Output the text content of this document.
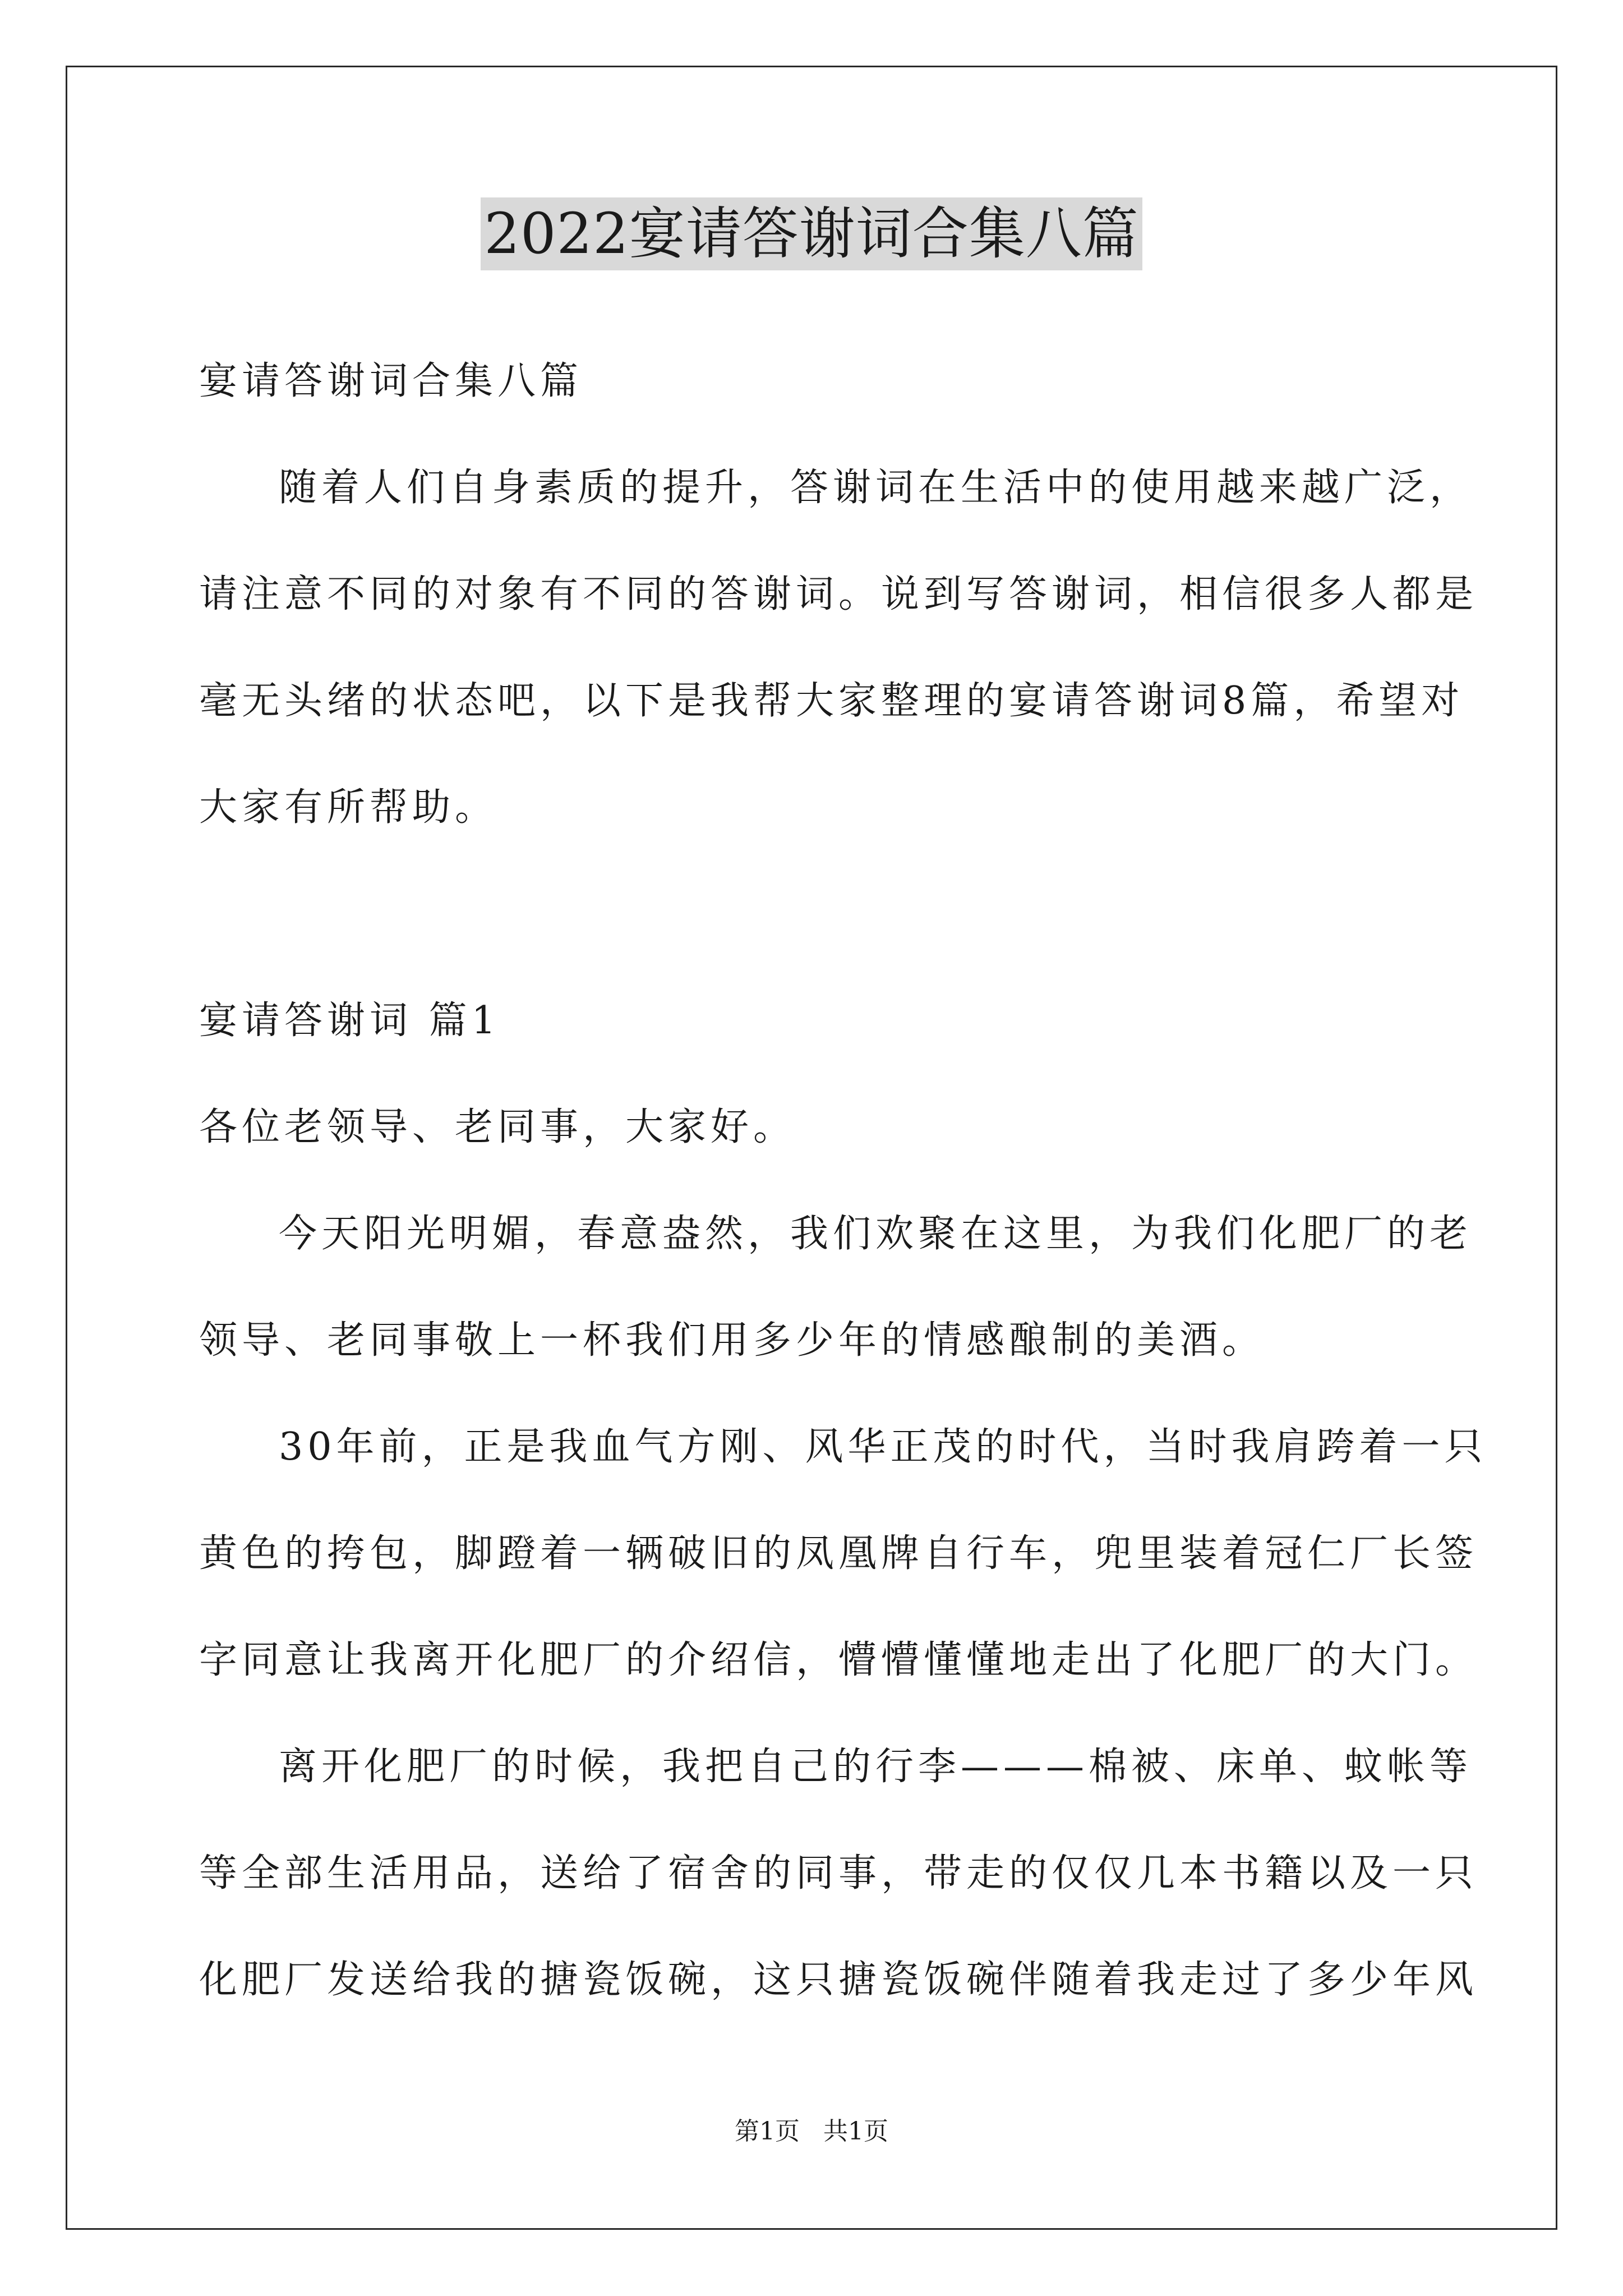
2022宴请答谢词合集八篇
宴请答谢词合集八篇
随着人们自身素质的提升，答谢词在生活中的使用越来越广泛，
请注意不同的对象有不同的答谢词。说到写答谢词，相信很多人都是
毫无头绪的状态吧，以下是我帮大家整理的宴请答谢词8篇，希望对
大家有所帮助。
宴请答谢词 篇1
各位老领导、老同事，大家好。
今天阳光明媚，春意盎然，我们欢聚在这里，为我们化肥厂的老
领导、老同事敬上一杯我们用多少年的情感酿制的美酒。
30年前，正是我血气方刚、风华正茂的时代，当时我肩跨着一只
黄色的挎包，脚蹬着一辆破旧的凤凰牌自行车，兜里装着冠仁厂长签
字同意让我离开化肥厂的介绍信，懵懵懂懂地走出了化肥厂的大门。
离开化肥厂的时候，我把自己的行李———棉被、床单、蚊帐等
等全部生活用品，送给了宿舍的同事，带走的仅仅几本书籍以及一只
化肥厂发送给我的搪瓷饭碗，这只搪瓷饭碗伴随着我走过了多少年风
第1页 共1页
